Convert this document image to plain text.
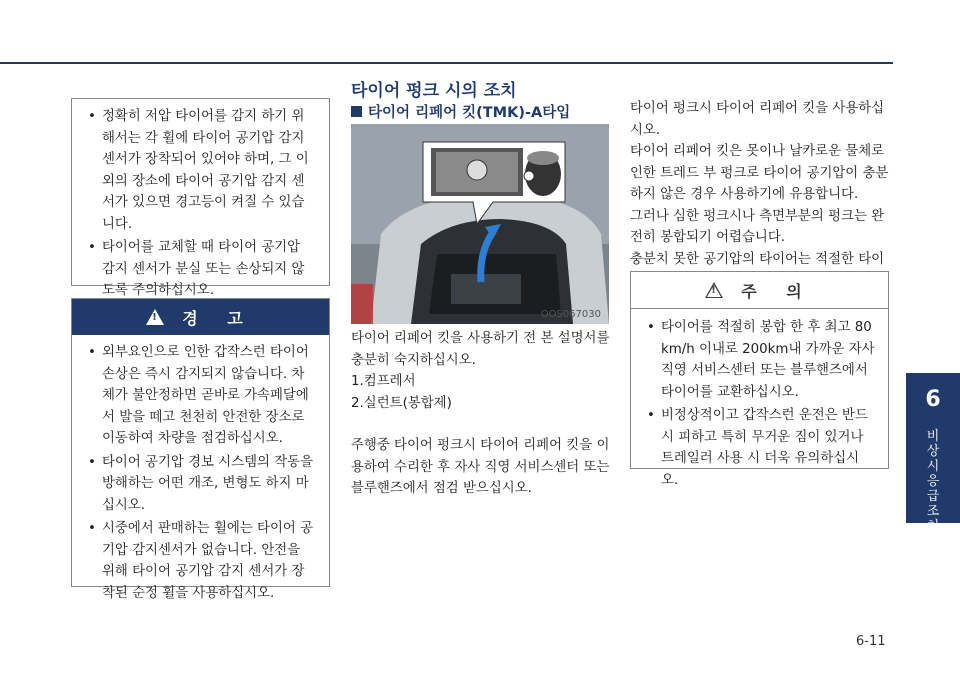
• 정확히 저압 타이어를 감지 하기 위해서는 각 휠에 타이어 공기압 감지 센서가 장착되어 있어야 하며, 그 이외의 장소에 타이어 공기압 감지 센서가 있으면 경고등이 켜질 수 있습니다.
• 타이어를 교체할 때 타이어 공기압 감지 센서가 분실 또는 손상되지 않도록 주의하십시오.
! 경 고
• 외부요인으로 인한 갑작스런 타이어 손상은 즉시 감지되지 않습니다. 차체가 불안정하면 곧바로 가속페달에서 발을 떼고 천천히 안전한 장소로 이동하여 차량을 점검하십시오.
• 타이어 공기압 경보 시스템의 작동을 방해하는 어떤 개조, 변형도 하지 마십시오.
• 시중에서 판매하는 휠에는 타이어 공기압 감지센서가 없습니다. 안전을 위해 타이어 공기압 감지 센서가 장착된 순정 휠을 사용하십시오.
타이어 펑크 시의 조치
타이어 리페어 킷(TMK)-A타입
OOS067030

타이어 리페어 킷을 사용하기 전 본 설명서를 충분히 숙지하십시오.

1.컴프레서

2.실런트(봉합제)

주행중 타이어 펑크시 타이어 리페어 킷을 이용하여 수리한 후 자사 직영 서비스센터 또는 블루핸즈에서 점검 받으십시오.

타이어 펑크시 타이어 리페어 킷을 사용하십시오.

타이어 리페어 킷은 못이나 날카로운 물체로 인한 트레드 부 펑크로 타이어 공기압이 충분하지 않은 경우 사용하기에 유용합니다.

그러나 심한 펑크시나 측면부분의 펑크는 완전히 봉합되기 어렵습니다.

충분치 못한 공기압의 타이어는 적절한 타이

! 주 의
• 타이어를 적절히 봉합 한 후 최고 80 km/h 이내로 200km내 가까운 자사 직영 서비스센터 또는 블루핸즈에서 타이어를 교환하십시오.
• 비정상적이고 갑작스런 운전은 반드시 피하고 특히 무거운 짐이 있거나 트레일러 사용 시 더욱 유의하십시오.
6
비상시 응급 조치
6-11
